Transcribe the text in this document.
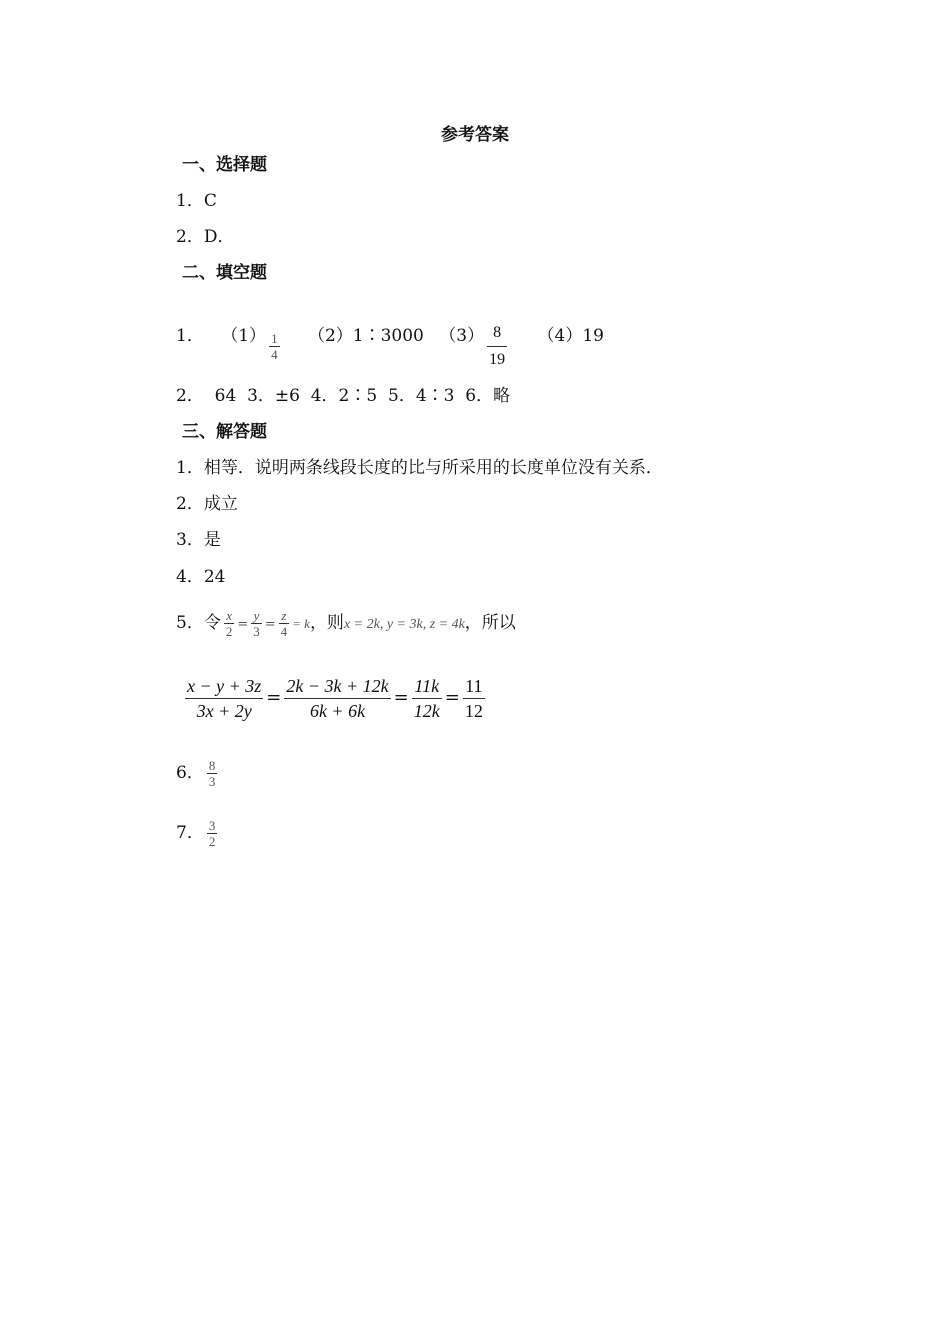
参考答案
一、选择题
1．C
2．D．
二、填空题
1． $(1) \frac{1}{4}$ （2）1∶3000 $(3) \frac{8}{19} (4)19$
2．  64  3．±6  4．2∶5  5．4∶3  6．略
三、解答题
1．相等．说明两条线段长度的比与所采用的长度单位没有关系．
2．成立
3．是
4．24
5．令 $\frac{x}{2} = \frac{y}{3} = \frac{z}{4} = k$，则x = 2k, y = 3k, z = 4k，所以
$\frac{x - y + 3z}{3x + 2y} = \frac{2k - 3k + 12k}{6k + 6k} = \frac{11k}{12k} = \frac{11}{12}$
6． $\frac{8}{3}$
7． $\frac{3}{2}$
